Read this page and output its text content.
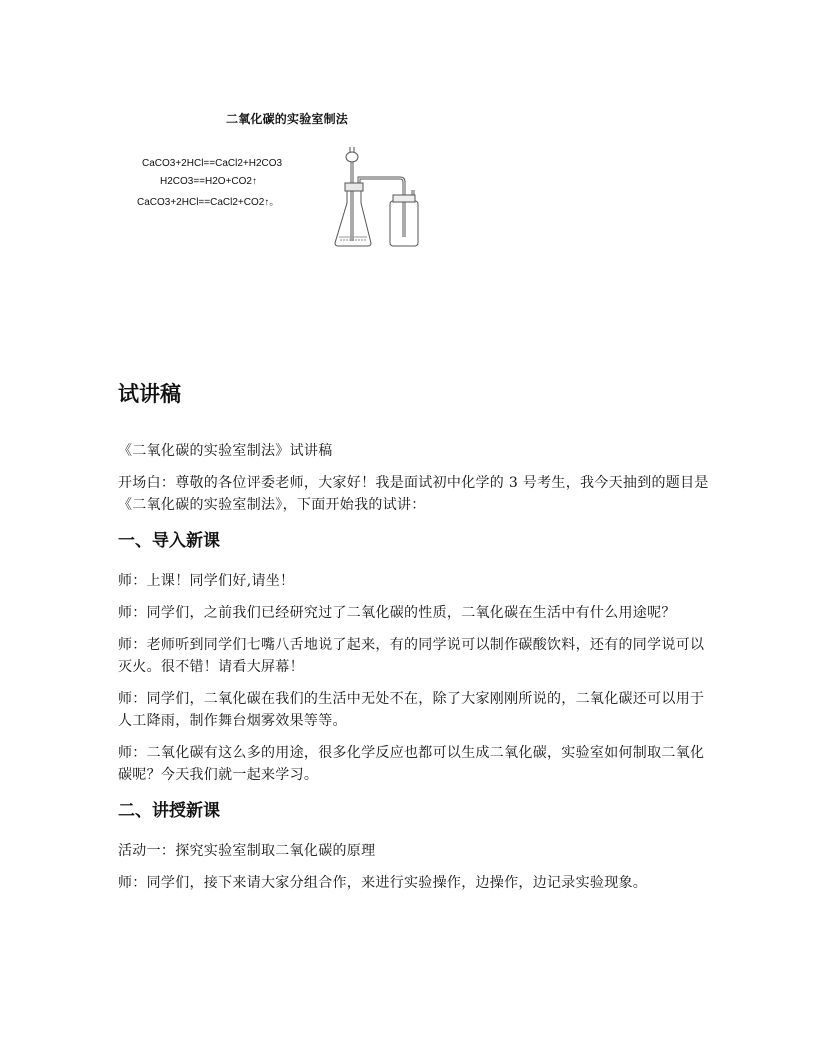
二氧化碳的实验室制法
CaCO3+2HCl==CaCl2+H2CO3
H2CO3==H2O+CO2↑
CaCO3+2HCl==CaCl2+CO2↑。
试讲稿

《二氧化碳的实验室制法》试讲稿

开场白：尊敬的各位评委老师，大家好！我是面试初中化学的 3 号考生，我今天抽到的题目是《二氧化碳的实验室制法》，下面开始我的试讲：

一、导入新课

师：上课！同学们好,请坐！

师：同学们，之前我们已经研究过了二氧化碳的性质，二氧化碳在生活中有什么用途呢？

师：老师听到同学们七嘴八舌地说了起来，有的同学说可以制作碳酸饮料，还有的同学说可以灭火。很不错！请看大屏幕！

师：同学们，二氧化碳在我们的生活中无处不在，除了大家刚刚所说的，二氧化碳还可以用于人工降雨，制作舞台烟雾效果等等。

师：二氧化碳有这么多的用途，很多化学反应也都可以生成二氧化碳，实验室如何制取二氧化碳呢？今天我们就一起来学习。

二、讲授新课

活动一：探究实验室制取二氧化碳的原理

师：同学们，接下来请大家分组合作，来进行实验操作，边操作，边记录实验现象。
